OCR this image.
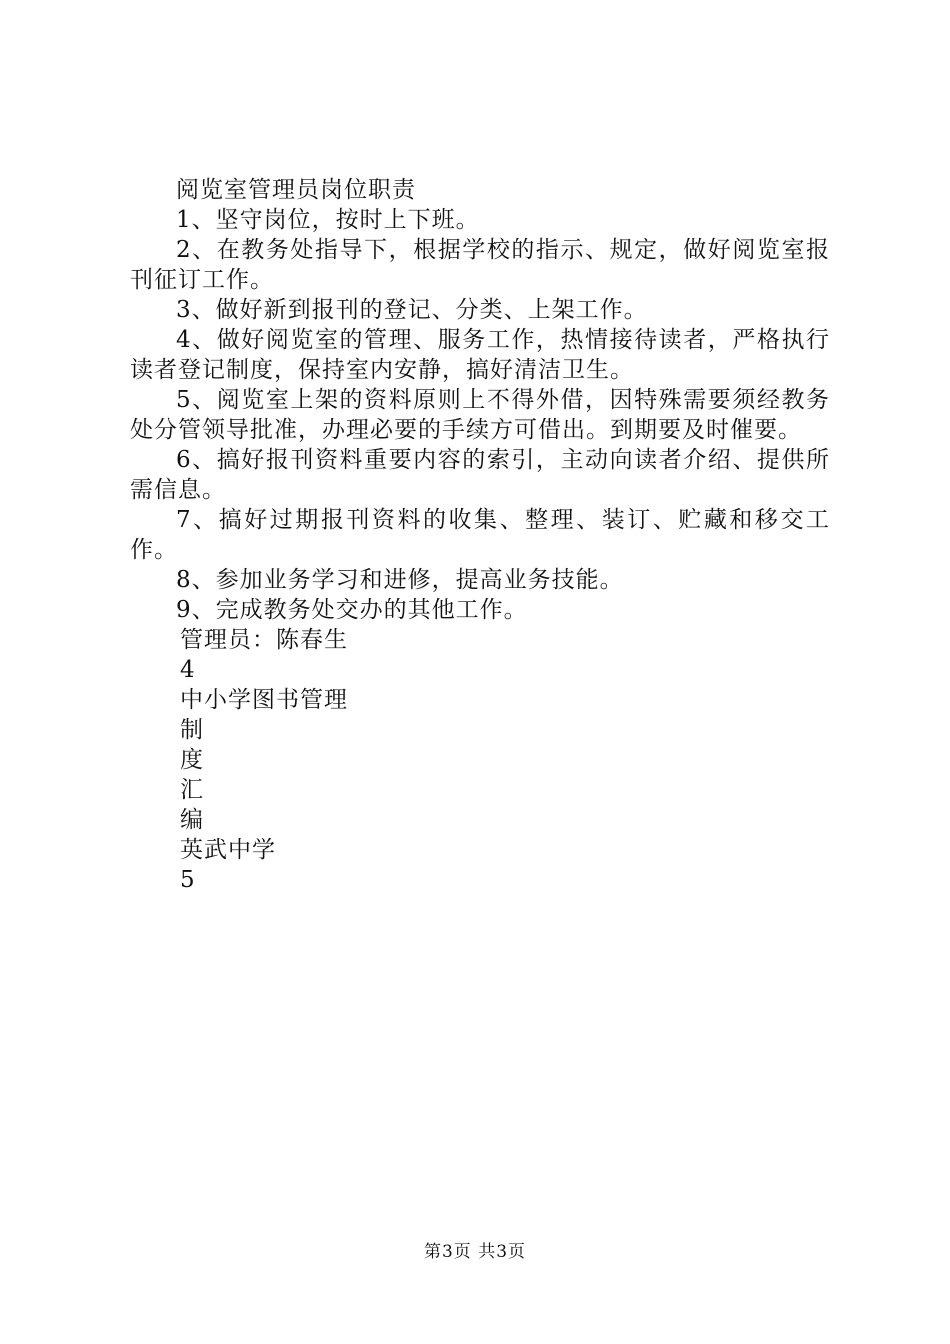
阅览室管理员岗位职责

1、坚守岗位，按时上下班。

2、在教务处指导下，根据学校的指示、规定，做好阅览室报刊征订工作。

3、做好新到报刊的登记、分类、上架工作。

4、做好阅览室的管理、服务工作，热情接待读者，严格执行读者登记制度，保持室内安静，搞好清洁卫生。

5、阅览室上架的资料原则上不得外借，因特殊需要须经教务处分管领导批准，办理必要的手续方可借出。到期要及时催要。

6、搞好报刊资料重要内容的索引，主动向读者介绍、提供所需信息。

7、搞好过期报刊资料的收集、整理、装订、贮藏和移交工作。

8、参加业务学习和进修，提高业务技能。

9、完成教务处交办的其他工作。

管理员：陈春生

4

中小学图书管理

制

度

汇

编

英武中学

5

第3页 共3页
